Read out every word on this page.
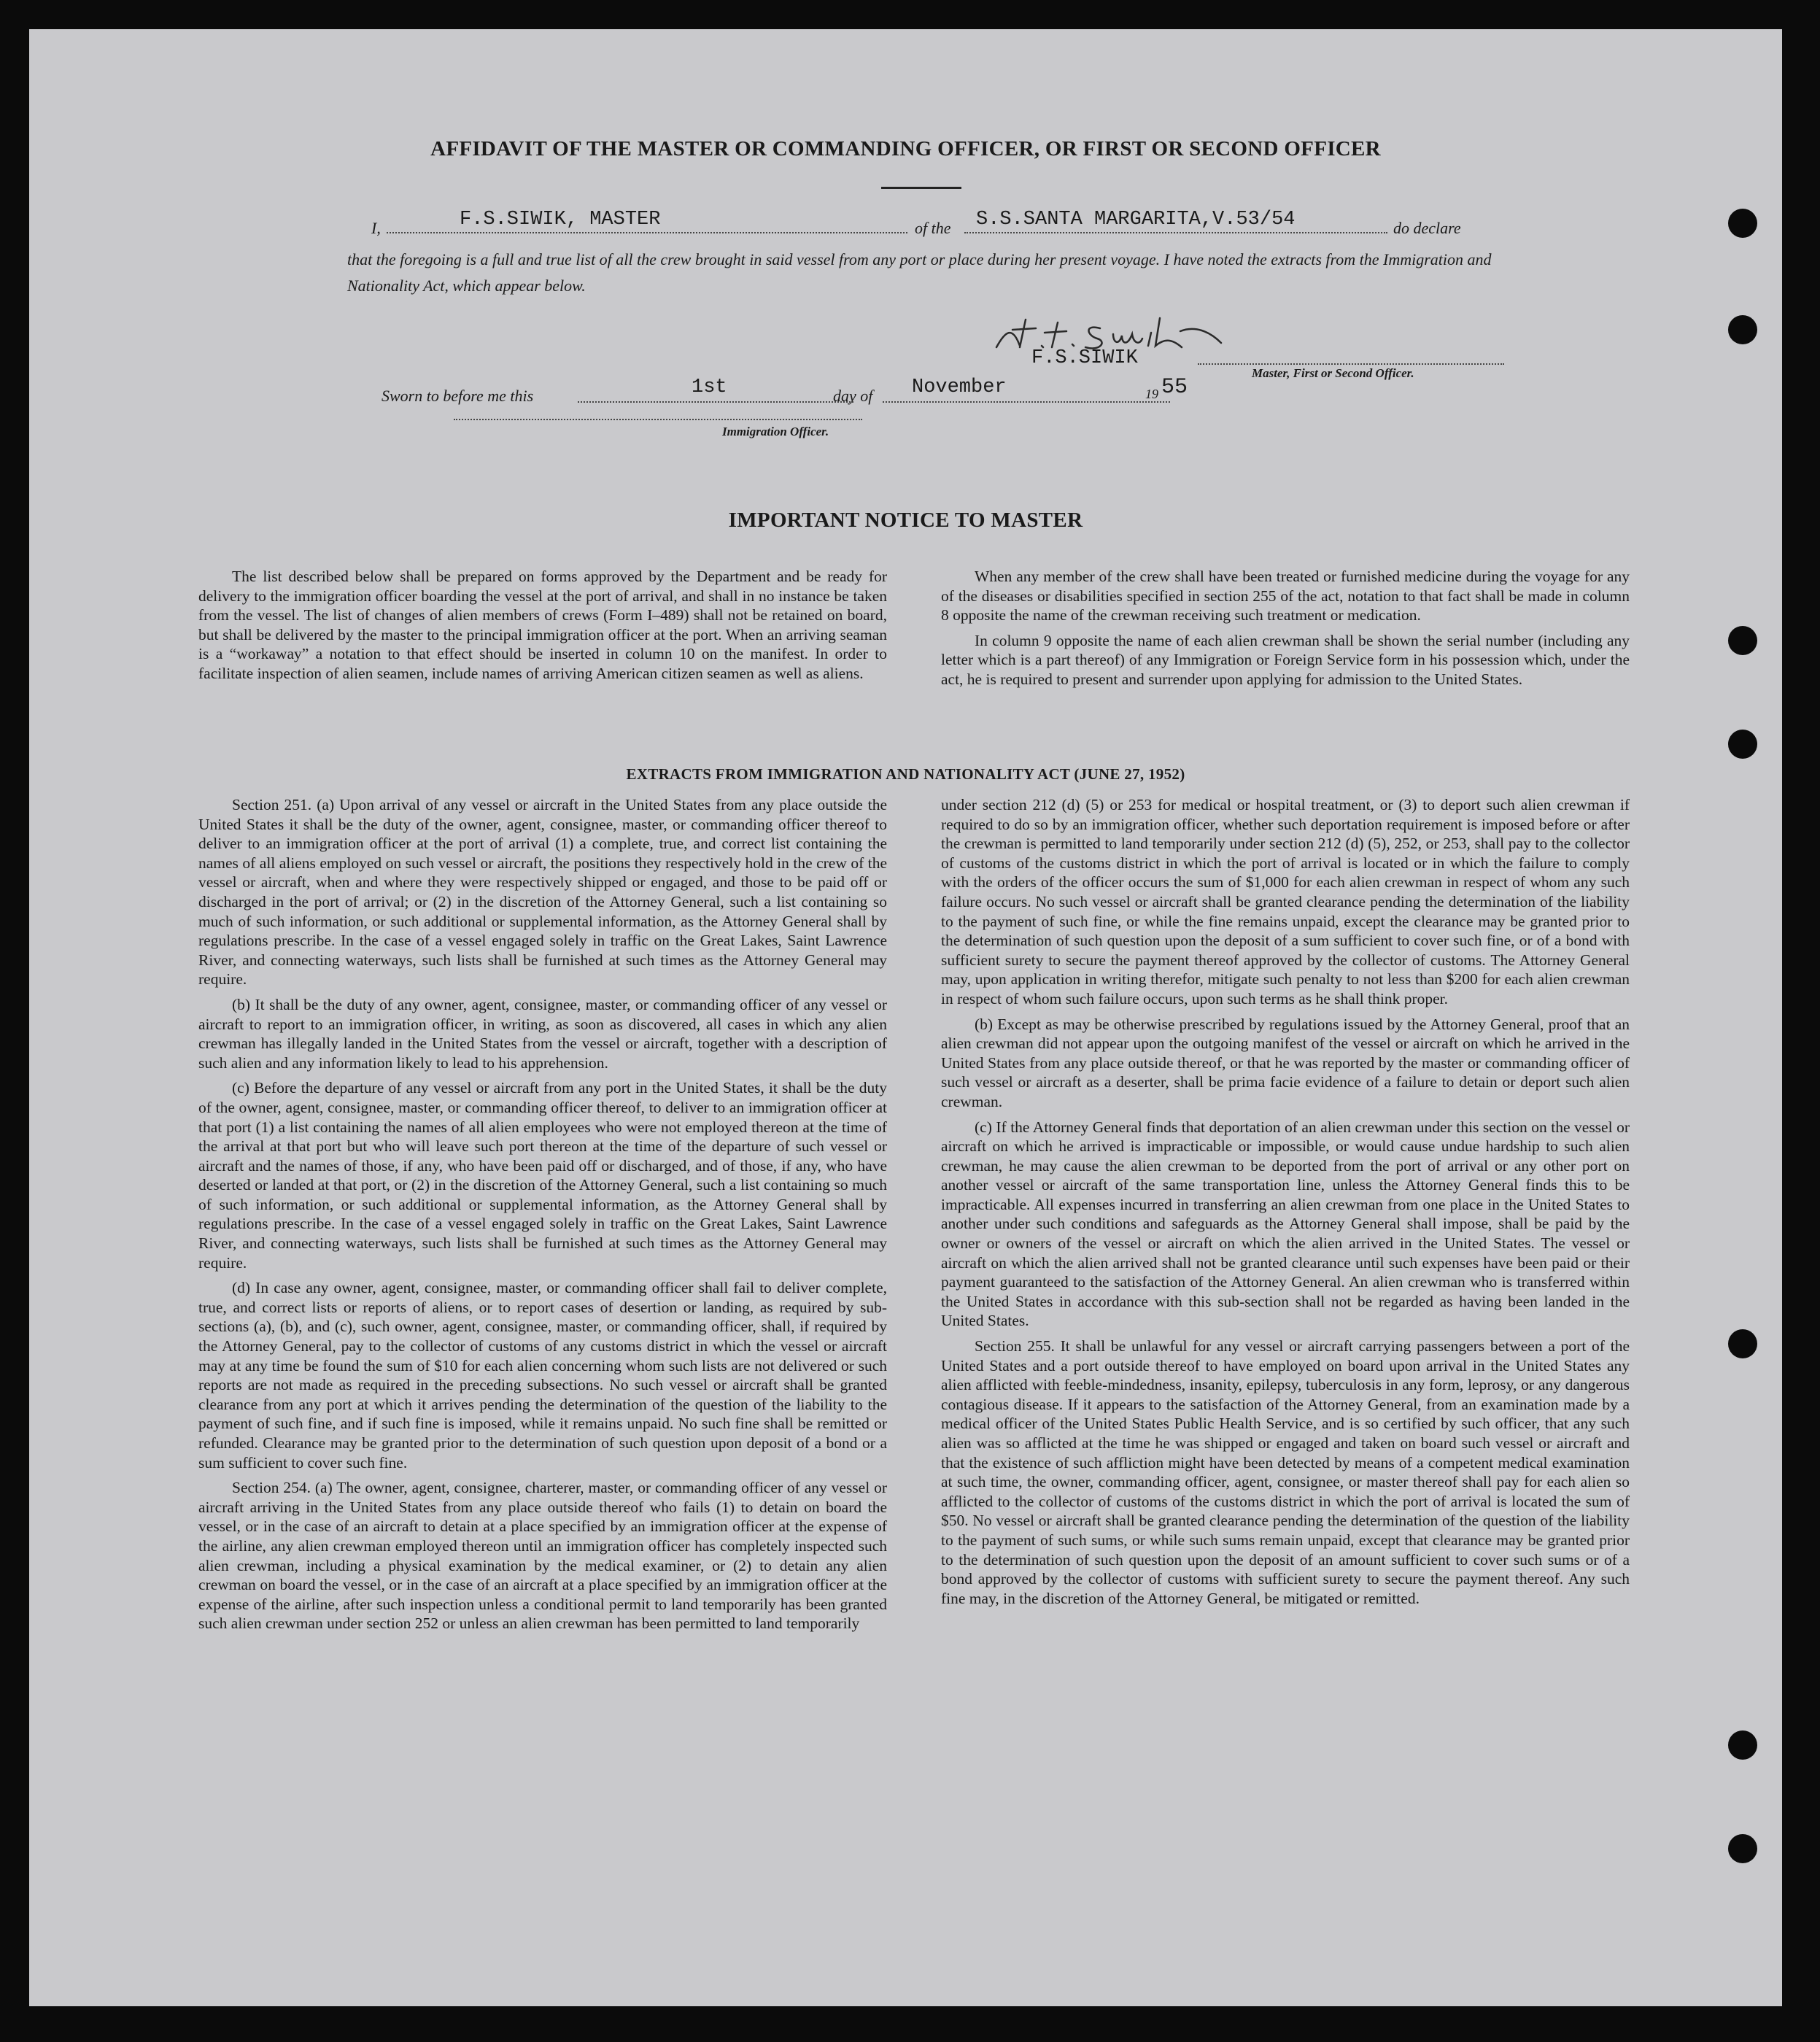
AFFIDAVIT OF THE MASTER OR COMMANDING OFFICER, OR FIRST OR SECOND OFFICER
I,	F.S.SIWIK, MASTER	of the S.S.SANTA MARGARITA,V.53/54	do declare
that the foregoing is a full and true list of all the crew brought in said vessel from any port or place during her present voyage. I have noted the extracts from the Immigration and Nationality Act, which appear below.
F.S.SIWIK
Master, First or Second Officer.
Sworn to before me this	1st	day of November	19 55
Immigration Officer.
IMPORTANT NOTICE TO MASTER

The list described below shall be prepared on forms approved by the Department and be ready for delivery to the immigration officer boarding the vessel at the port of arrival, and shall in no instance be taken from the vessel. The list of changes of alien members of crews (Form I–489) shall not be retained on board, but shall be delivered by the master to the principal immigration officer at the port. When an arriving seaman is a “workaway” a notation to that effect should be inserted in column 10 on the manifest. In order to facilitate inspection of alien seamen, include names of arriving American citizen seamen as well as aliens.

When any member of the crew shall have been treated or furnished medicine during the voyage for any of the diseases or disabilities specified in section 255 of the act, notation to that fact shall be made in column 8 opposite the name of the crewman receiving such treatment or medication.

In column 9 opposite the name of each alien crewman shall be shown the serial number (including any letter which is a part thereof) of any Immigration or Foreign Service form in his possession which, under the act, he is required to present and surrender upon applying for admission to the United States.

EXTRACTS FROM IMMIGRATION AND NATIONALITY ACT (JUNE 27, 1952)

Section 251. (a) Upon arrival of any vessel or aircraft in the United States from any place outside the United States it shall be the duty of the owner, agent, consignee, master, or commanding officer thereof to deliver to an immigration officer at the port of arrival (1) a complete, true, and correct list containing the names of all aliens employed on such vessel or aircraft, the positions they respectively hold in the crew of the vessel or aircraft, when and where they were respectively shipped or engaged, and those to be paid off or discharged in the port of arrival; or (2) in the discretion of the Attorney General, such a list containing so much of such information, or such additional or supplemental information, as the Attorney General shall by regulations prescribe. In the case of a vessel engaged solely in traffic on the Great Lakes, Saint Lawrence River, and connecting waterways, such lists shall be furnished at such times as the Attorney General may require.

(b) It shall be the duty of any owner, agent, consignee, master, or commanding officer of any vessel or aircraft to report to an immigration officer, in writing, as soon as discovered, all cases in which any alien crewman has illegally landed in the United States from the vessel or aircraft, together with a description of such alien and any information likely to lead to his apprehension.

(c) Before the departure of any vessel or aircraft from any port in the United States, it shall be the duty of the owner, agent, consignee, master, or commanding officer thereof, to deliver to an immigration officer at that port (1) a list containing the names of all alien employees who were not employed thereon at the time of the arrival at that port but who will leave such port thereon at the time of the departure of such vessel or aircraft and the names of those, if any, who have been paid off or discharged, and of those, if any, who have deserted or landed at that port, or (2) in the discretion of the Attorney General, such a list containing so much of such information, or such additional or supplemental information, as the Attorney General shall by regulations prescribe. In the case of a vessel engaged solely in traffic on the Great Lakes, Saint Lawrence River, and connecting waterways, such lists shall be furnished at such times as the Attorney General may require.

(d) In case any owner, agent, consignee, master, or commanding officer shall fail to deliver complete, true, and correct lists or reports of aliens, or to report cases of desertion or landing, as required by sub-sections (a), (b), and (c), such owner, agent, consignee, master, or commanding officer, shall, if required by the Attorney General, pay to the collector of customs of any customs district in which the vessel or aircraft may at any time be found the sum of $10 for each alien concerning whom such lists are not delivered or such reports are not made as required in the preceding subsections. No such vessel or aircraft shall be granted clearance from any port at which it arrives pending the determination of the question of the liability to the payment of such fine, and if such fine is imposed, while it remains unpaid. No such fine shall be remitted or refunded. Clearance may be granted prior to the determination of such question upon deposit of a bond or a sum sufficient to cover such fine.

Section 254. (a) The owner, agent, consignee, charterer, master, or commanding officer of any vessel or aircraft arriving in the United States from any place outside thereof who fails (1) to detain on board the vessel, or in the case of an aircraft to detain at a place specified by an immigration officer at the expense of the airline, any alien crewman employed thereon until an immigration officer has completely inspected such alien crewman, including a physical examination by the medical examiner, or (2) to detain any alien crewman on board the vessel, or in the case of an aircraft at a place specified by an immigration officer at the expense of the airline, after such inspection unless a conditional permit to land temporarily has been granted such alien crewman under section 252 or unless an alien crewman has been permitted to land temporarily

under section 212 (d) (5) or 253 for medical or hospital treatment, or (3) to deport such alien crewman if required to do so by an immigration officer, whether such deportation requirement is imposed before or after the crewman is permitted to land temporarily under section 212 (d) (5), 252, or 253, shall pay to the collector of customs of the customs district in which the port of arrival is located or in which the failure to comply with the orders of the officer occurs the sum of $1,000 for each alien crewman in respect of whom any such failure occurs. No such vessel or aircraft shall be granted clearance pending the determination of the liability to the payment of such fine, or while the fine remains unpaid, except the clearance may be granted prior to the determination of such question upon the deposit of a sum sufficient to cover such fine, or of a bond with sufficient surety to secure the payment thereof approved by the collector of customs. The Attorney General may, upon application in writing therefor, mitigate such penalty to not less than $200 for each alien crewman in respect of whom such failure occurs, upon such terms as he shall think proper.

(b) Except as may be otherwise prescribed by regulations issued by the Attorney General, proof that an alien crewman did not appear upon the outgoing manifest of the vessel or aircraft on which he arrived in the United States from any place outside thereof, or that he was reported by the master or commanding officer of such vessel or aircraft as a deserter, shall be prima facie evidence of a failure to detain or deport such alien crewman.

(c) If the Attorney General finds that deportation of an alien crewman under this section on the vessel or aircraft on which he arrived is impracticable or impossible, or would cause undue hardship to such alien crewman, he may cause the alien crewman to be deported from the port of arrival or any other port on another vessel or aircraft of the same transportation line, unless the Attorney General finds this to be impracticable. All expenses incurred in transferring an alien crewman from one place in the United States to another under such conditions and safeguards as the Attorney General shall impose, shall be paid by the owner or owners of the vessel or aircraft on which the alien arrived in the United States. The vessel or aircraft on which the alien arrived shall not be granted clearance until such expenses have been paid or their payment guaranteed to the satisfaction of the Attorney General. An alien crewman who is transferred within the United States in accordance with this sub-section shall not be regarded as having been landed in the United States.

Section 255. It shall be unlawful for any vessel or aircraft carrying passengers between a port of the United States and a port outside thereof to have employed on board upon arrival in the United States any alien afflicted with feeble-mindedness, insanity, epilepsy, tuberculosis in any form, leprosy, or any dangerous contagious disease. If it appears to the satisfaction of the Attorney General, from an examination made by a medical officer of the United States Public Health Service, and is so certified by such officer, that any such alien was so afflicted at the time he was shipped or engaged and taken on board such vessel or aircraft and that the existence of such affliction might have been detected by means of a competent medical examination at such time, the owner, commanding officer, agent, consignee, or master thereof shall pay for each alien so afflicted to the collector of customs of the customs district in which the port of arrival is located the sum of $50. No vessel or aircraft shall be granted clearance pending the determination of the question of the liability to the payment of such sums, or while such sums remain unpaid, except that clearance may be granted prior to the determination of such question upon the deposit of an amount sufficient to cover such sums or of a bond approved by the collector of customs with sufficient surety to secure the payment thereof. Any such fine may, in the discretion of the Attorney General, be mitigated or remitted.
